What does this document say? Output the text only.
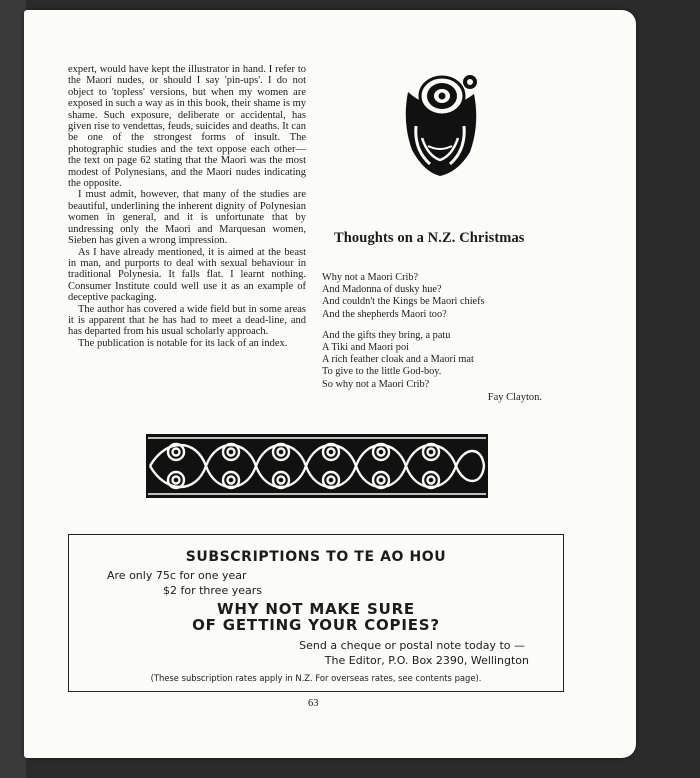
expert, would have kept the illustrator in hand. I refer to the Maori nudes, or should I say 'pin-ups'. I do not object to 'topless' versions, but when my women are exposed in such a way as in this book, their shame is my shame. Such exposure, deliberate or accidental, has given rise to vendettas, feuds, suicides and deaths. It can be one of the strongest forms of insult. The photographic studies and the text oppose each other—the text on page 62 stating that the Maori was the most modest of Polynesians, and the Maori nudes indicating the opposite.

I must admit, however, that many of the studies are beautiful, underlining the inherent dignity of Polynesian women in general, and it is unfortunate that by undressing only the Maori and Marquesan women, Sieben has given a wrong impression.

As I have already mentioned, it is aimed at the beast in man, and purports to deal with sexual behaviour in traditional Polynesia. It falls flat. I learnt nothing. Consumer Institute could well use it as an example of deceptive packaging.

The author has covered a wide field but in some areas it is apparent that he has had to meet a dead-line, and has departed from his usual scholarly approach.

The publication is notable for its lack of an index.

Thoughts on a N.Z. Christmas
Why not a Maori Crib?
And Madonna of dusky hue?
And couldn't the Kings be Maori chiefs
And the shepherds Maori too?
And the gifts they bring, a patu
A Tiki and Maori poi
A rich feather cloak and a Maori mat
To give to the little God-boy.
So why not a Maori Crib?
Fay Clayton.
SUBSCRIPTIONS TO TE AO HOU
Are only 75c for one year
$2 for three years
WHY NOT MAKE SURE
OF GETTING YOUR COPIES?
Send a cheque or postal note today to —
The Editor, P.O. Box 2390, Wellington
(These subscription rates apply in N.Z. For overseas rates, see contents page).
63
